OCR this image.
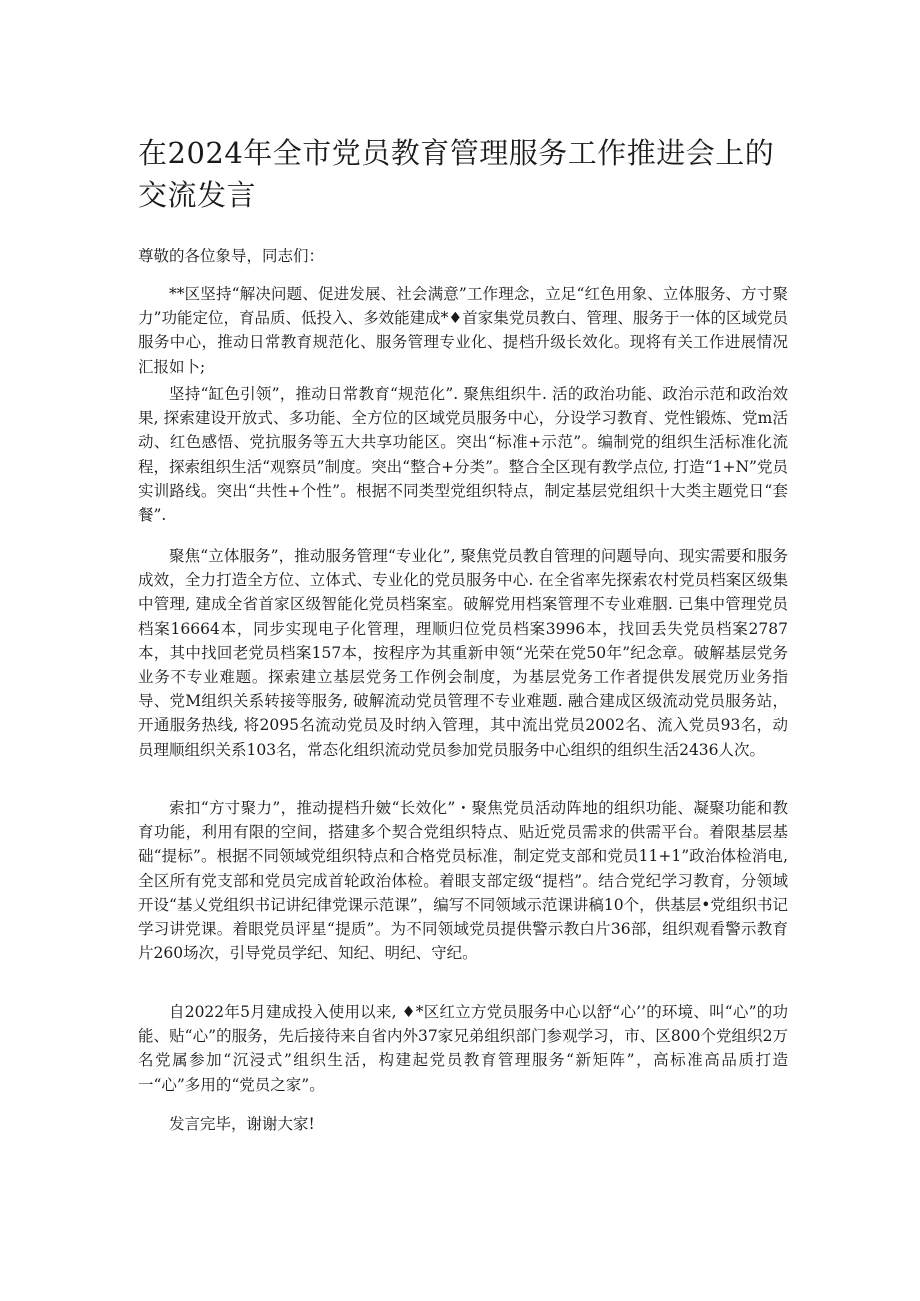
在2024年全市党员教育管理服务工作推进会上的交流发言

尊敬的各位象导，同志们：

**区坚持“解决问题、促进发展、社会满意”工作理念，立足“红色用象、立体服务、方寸聚力”功能定位，育品质、低投入、多效能建成*♦首家集党员教白、管理、服务于一体的区域党员服务中心，推动日常教育规范化、服务管理专业化、提档升级长效化。现将有关工作进展情况汇报如卜;

坚持“缸色引领”，推动日常教育“规范化”. 聚焦组织牛. 活的政治功能、政治示范和政治效果, 探索建设开放式、多功能、全方位的区域党员服务中心，分设学习教育、党性锻炼、党m活动、红色感悟、党抗服务等五大共享功能区。突出“标准+示范”。编制党的组织生活标准化流程，探索组织生活“观察员”制度。突出“整合+分类”。整合全区现有教学点位, 打造“1+N”党员实训路线。突出“共性+个性”。根据不同类型党组织特点，制定基层党组织十大类主题党日“套餐”.

聚焦“立体服务”，推动服务管理“专业化”, 聚焦党员教自管理的问题导向、现实需要和服务成效，全力打造全方位、立体式、专业化的党员服务中心. 在全省率先探索农村党员档案区级集中管理, 建成全省首家区级智能化党员档案室。破解党用档案管理不专业难胭. 已集中管理党员档案16664本，同步实现电子化管理，理顺归位党员档案3996本，找回丢失党员档案2787本，其中找回老党员档案157本，按程序为其重新申领“光荣在党50年”纪念章。破解基层党务业务不专业难题。探索建立基层党务工作例会制度，为基层党务工作者提供发展党历业务指导、党M组织关系转接等服务, 破解流动党员管理不专业难题. 融合建成区级流动党员服务站，开通服务热线, 将2095名流动党员及时纳入管理，其中流出党员2002名、流入党员93名，动员理顺组织关系103名，常态化组织流动党员参加党员服务中心组织的组织生活2436人次。

索扣“方寸聚力”，推动提档升皴“长效化”・聚焦党员活动阵地的组织功能、凝聚功能和教育功能，利用有限的空间，搭建多个契合党组织特点、贴近党员需求的供需平台。着限基层基础“提标”。根据不同领域党组织特点和合格党员标准，制定党支部和党员11+1”政治体检消电, 全区所有党支部和党员完成首轮政治体检。着眼支部定级“提档”。结合党纪学习教育，分领域开设“基乂党组织书记讲纪律党课示范课”，编写不同领域示范课讲稿10个，供基层•党组织书记学习讲党课。着眼党员评星“提质”。为不同领域党员提供警示教白片36部，组织观看警示教育片260场次，引导党员学纪、知纪、明纪、守纪。

自2022年5月建成投入使用以来, ♦*区红立方党员服务中心以舒“心’’的环境、叫“心”的功能、贴“心”的服务，先后接待来自省内外37家兄弟组织部门参观学习，市、区800个党组织2万名党属参加“沉浸式”组织生活，构建起党员教育管理服务“新矩阵”，高标准高品质打造一“心”多用的“党员之家”。

发言完毕，谢谢大家!
